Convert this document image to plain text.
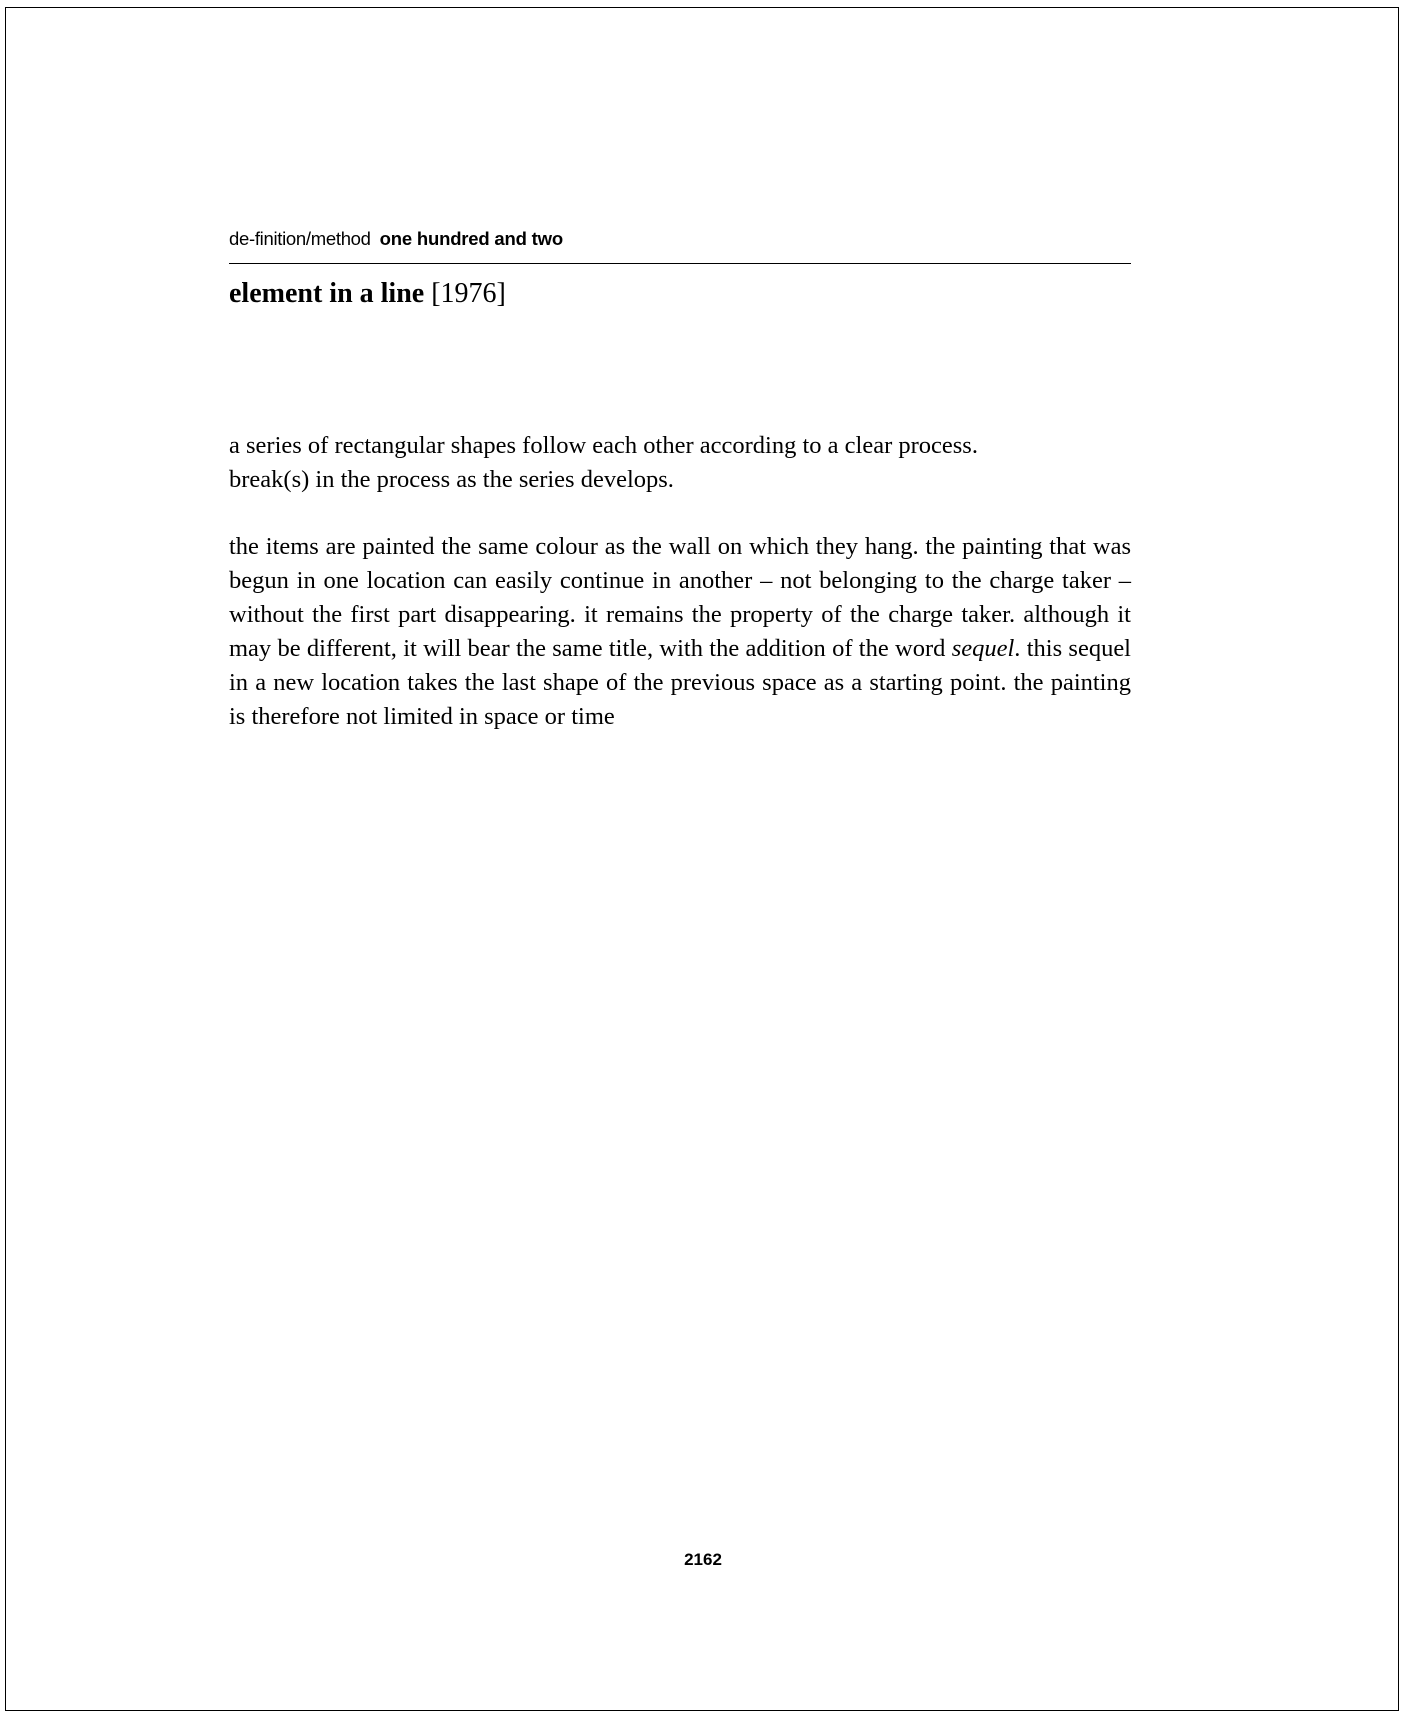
de-finition/method one hundred and two
element in a line [1976]

a series of rectangular shapes follow each other according to a clear process.
break(s) in the process as the series develops.

the items are painted the same colour as the wall on which they hang. the painting that was begun in one location can easily continue in another – not belonging to the charge taker – without the first part disappearing. it remains the property of the charge taker. although it may be different, it will bear the same title, with the addition of the word sequel. this sequel in a new location takes the last shape of the previous space as a starting point. the painting is therefore not limited in space or time

2162
